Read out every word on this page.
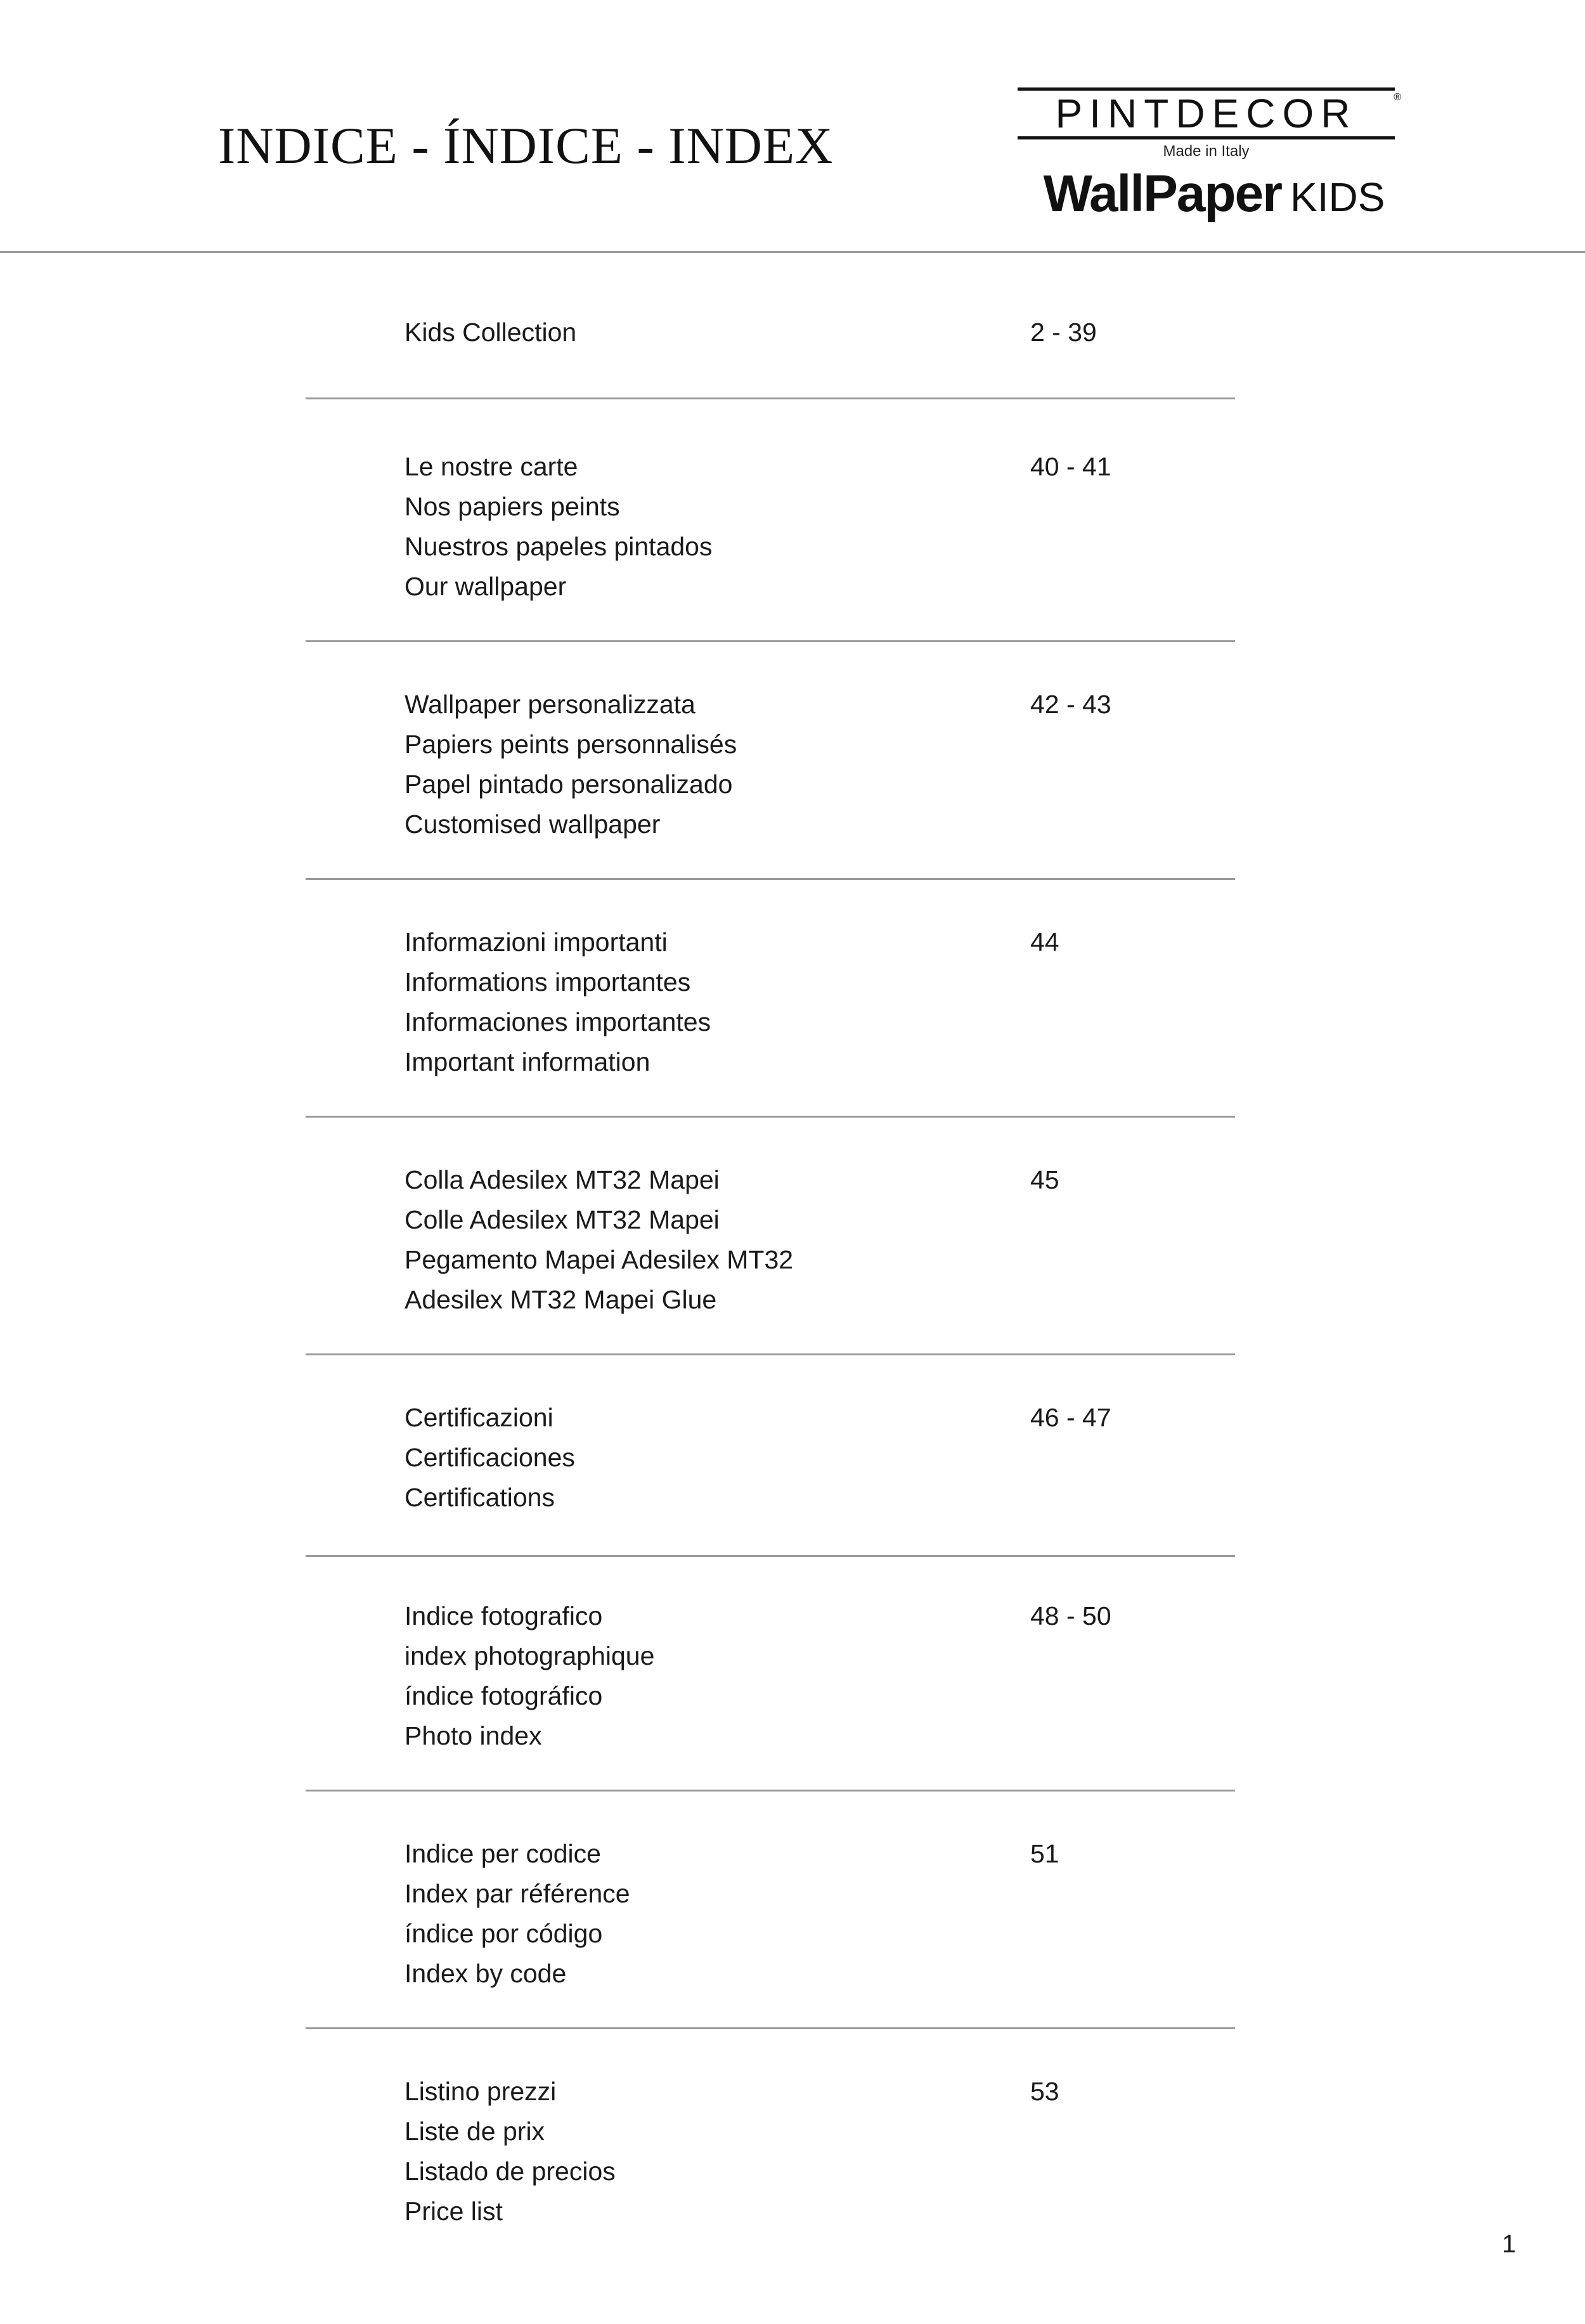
INDICE - ÍNDICE - INDEX
PINTDECOR	®
Made in Italy
WallPaper KIDS
Kids Collection	2 - 39
Le nostre carte
Nos papiers peints
Nuestros papeles pintados
Our wallpaper
40 - 41
Wallpaper personalizzata
Papiers peints personnalisés
Papel pintado personalizado
Customised wallpaper
42 - 43
Informazioni importanti
Informations importantes
Informaciones importantes
Important information
44
Colla Adesilex MT32 Mapei
Colle Adesilex MT32 Mapei
Pegamento Mapei Adesilex MT32
Adesilex MT32 Mapei Glue
45
Certificazioni
Certificaciones
Certifications
46 - 47
Indice fotografico
index photographique
índice fotográfico
Photo index
48 - 50
Indice per codice
Index par référence
índice por código
Index by code
51
Listino prezzi
Liste de prix
Listado de precios
Price list
53
1
